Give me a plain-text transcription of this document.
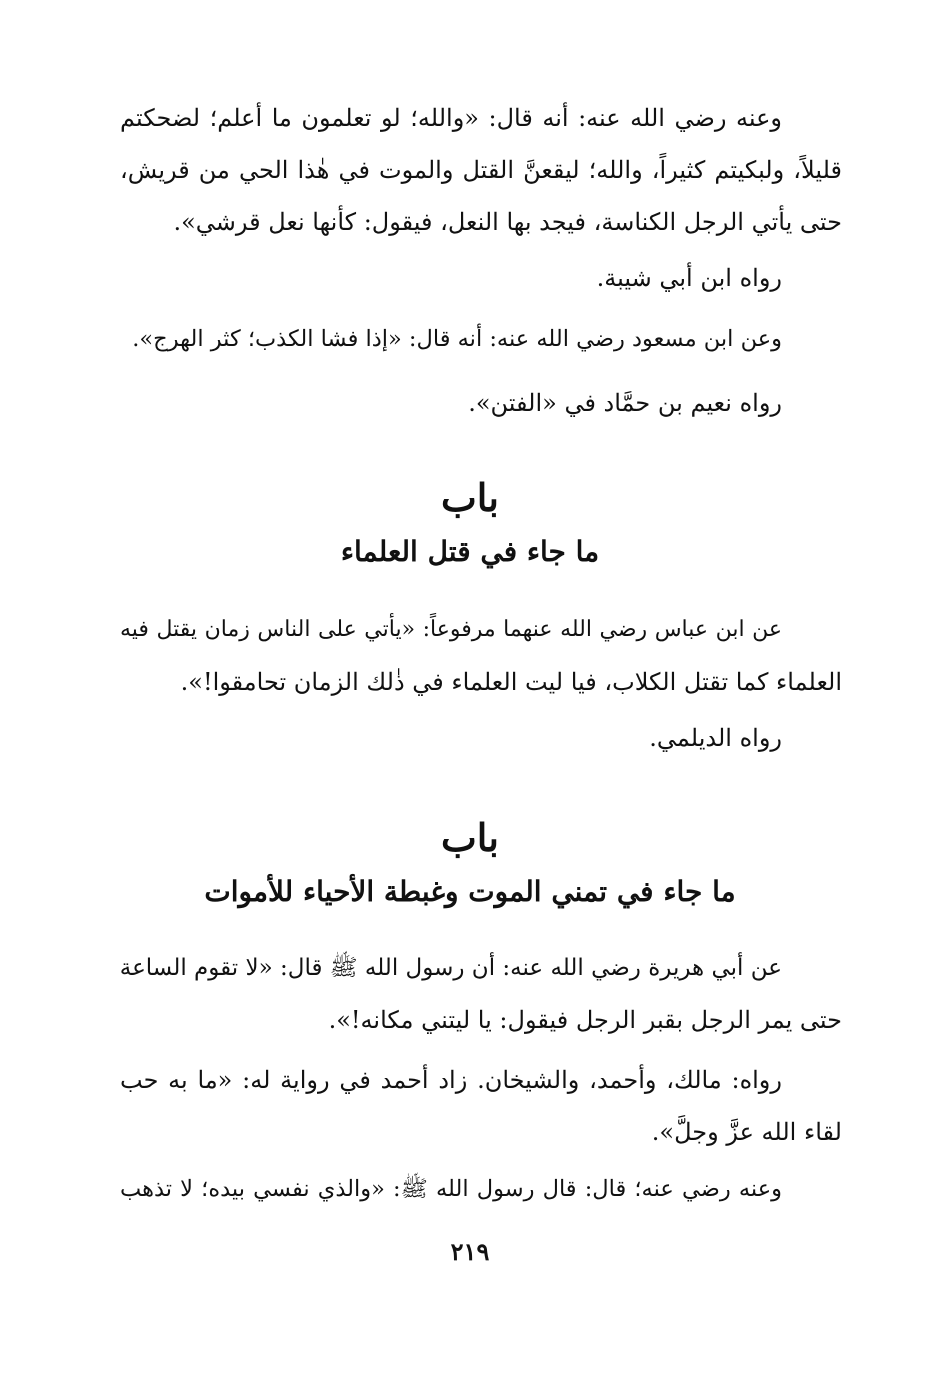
وعنه رضي الله عنه: أنه قال: «والله؛ لو تعلمون ما أعلم؛ لضحكتم
قليلاً، ولبكيتم كثيراً، والله؛ ليقعنَّ القتل والموت في هٰذا الحي من قريش،
حتى يأتي الرجل الكناسة، فيجد بها النعل، فيقول: كأنها نعل قرشي».

رواه ابن أبي شيبة.

وعن ابن مسعود رضي الله عنه: أنه قال: «إذا فشا الكذب؛ كثر الهرج».

رواه نعيم بن حمَّاد في «الفتن».

باب
ما جاء في قتل العلماء

عن ابن عباس رضي الله عنهما مرفوعاً: «يأتي على الناس زمان يقتل فيه
العلماء كما تقتل الكلاب، فيا ليت العلماء في ذٰلك الزمان تحامقوا!».

رواه الديلمي.

باب
ما جاء في تمني الموت وغبطة الأحياء للأموات

عن أبي هريرة رضي الله عنه: أن رسول الله ﷺ قال: «لا تقوم الساعة
حتى يمر الرجل بقبر الرجل فيقول: يا ليتني مكانه!».

رواه: مالك، وأحمد، والشيخان. زاد أحمد في رواية له: «ما به حب
لقاء الله عزَّ وجلَّ».

وعنه رضي عنه؛ قال: قال رسول الله ﷺ: «والذي نفسي بيده؛ لا تذهب

٢١٩
